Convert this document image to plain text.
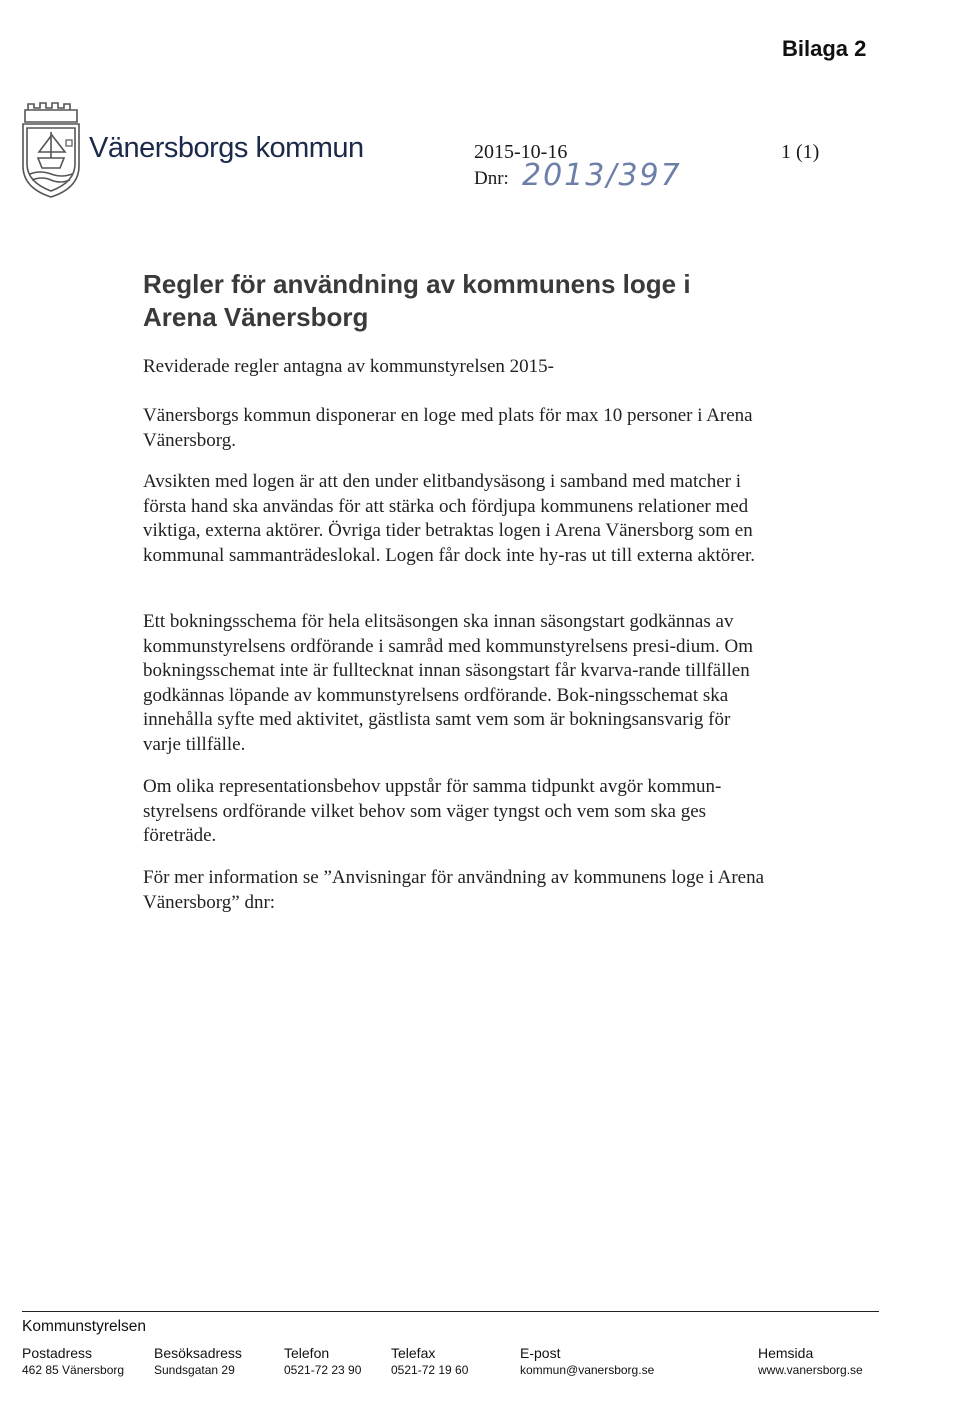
Bilaga 2
Vänersborgs kommun	2015-10-16
Dnr: 2013/397
1 (1)
Regler för användning av kommunens loge i
Arena Vänersborg
Reviderade regler antagna av kommunstyrelsen 2015-
Vänersborgs kommun disponerar en loge med plats för max 10 personer i Arena Vänersborg.
Avsikten med logen är att den under elitbandysäsong i samband med matcher i första hand ska användas för att stärka och fördjupa kommunens relationer med viktiga, externa aktörer. Övriga tider betraktas logen i Arena Vänersborg som en kommunal sammanträdeslokal. Logen får dock inte hy-ras ut till externa aktörer.
Ett bokningsschema för hela elitsäsongen ska innan säsongstart godkännas av kommunstyrelsens ordförande i samråd med kommunstyrelsens presi-dium. Om bokningsschemat inte är fulltecknat innan säsongstart får kvarva-rande tillfällen godkännas löpande av kommunstyrelsens ordförande. Bok-ningsschemat ska innehålla syfte med aktivitet, gästlista samt vem som är bokningsansvarig för varje tillfälle.
Om olika representationsbehov uppstår för samma tidpunkt avgör kommun-styrelsens ordförande vilket behov som väger tyngst och vem som ska ges företräde.
För mer information se ”Anvisningar för användning av kommunens loge i Arena Vänersborg” dnr:
Kommunstyrelsen
Postadress
462 85 Vänersborg
Besöksadress
Sundsgatan 29
Telefon
0521-72 23 90
Telefax
0521-72 19 60
E-post
kommun@vanersborg.se
Hemsida
www.vanersborg.se
